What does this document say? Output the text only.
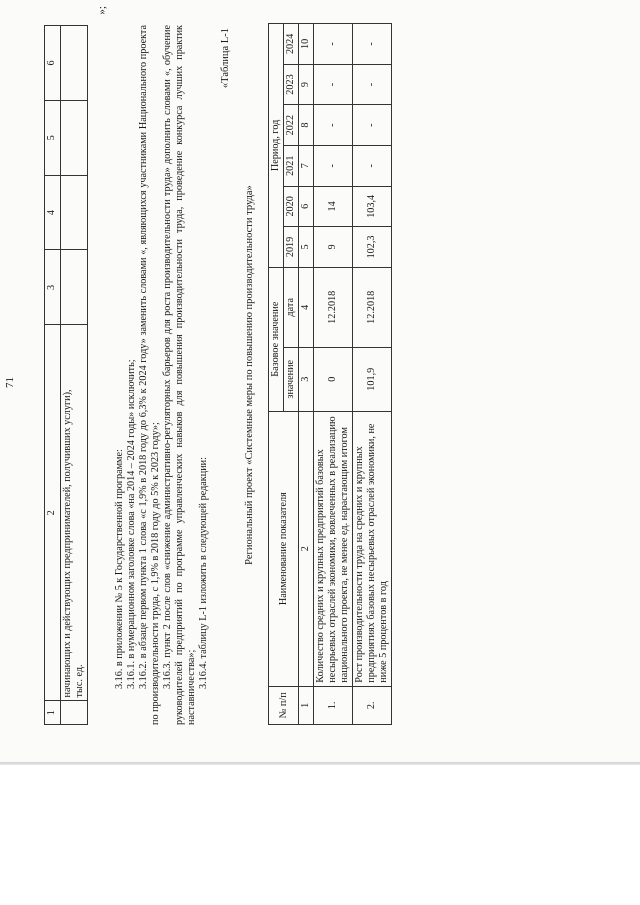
71
1	2	3	4	5	6

	начинающих и действующих предпринимателей, получивших услуги), тыс. ед.				

»;

3.16. в приложении № 5 к Государственной программе: 3.16.1. в нумерационном заголовке слова «на 2014 – 2024 годы» исключить; 3.16.2. в абзаце первом пункта 1 слова «с 1,9% в 2018 году до 6,3% к 2024 году» заменить словами «, являющихся участниками Национального проекта по производительности труда, с 1,9% в 2018 году до 5% к 2023 году»; 3.16.3. пункт 2 после слов «снижение административно-регуляторных барьеров для роста производительности труда» дополнить словами «, обучение руководителей предприятий по программе управленческих навыков для повышения производительности труда, проведение конкурса лучших практик наставничества»; 3.16.4. таблицу L-1 изложить в следующей редакции:

«Таблица L-1
Региональный проект «Системные меры по повышению производительности труда»
№ п/п	Наименование показателя	Базовое значение		Период, год					
		значение	дата	2019	2020	2021	2022	2023	2024
1	2	3	4	5	6	7	8	9	10
1.	Количество средних и крупных предприятий базовых несырьевых отраслей экономики, вовлеченных в реализацию национального проекта, не менее ед. нарастающим итогом	0	12.2018	9	14	-	-	-	-
2.	Рост производительности труда на средних и крупных предприятиях базовых несырьевых отраслей экономики, не ниже 5 процентов в год	101,9	12.2018	102,3	103,4	-	-	-	-
